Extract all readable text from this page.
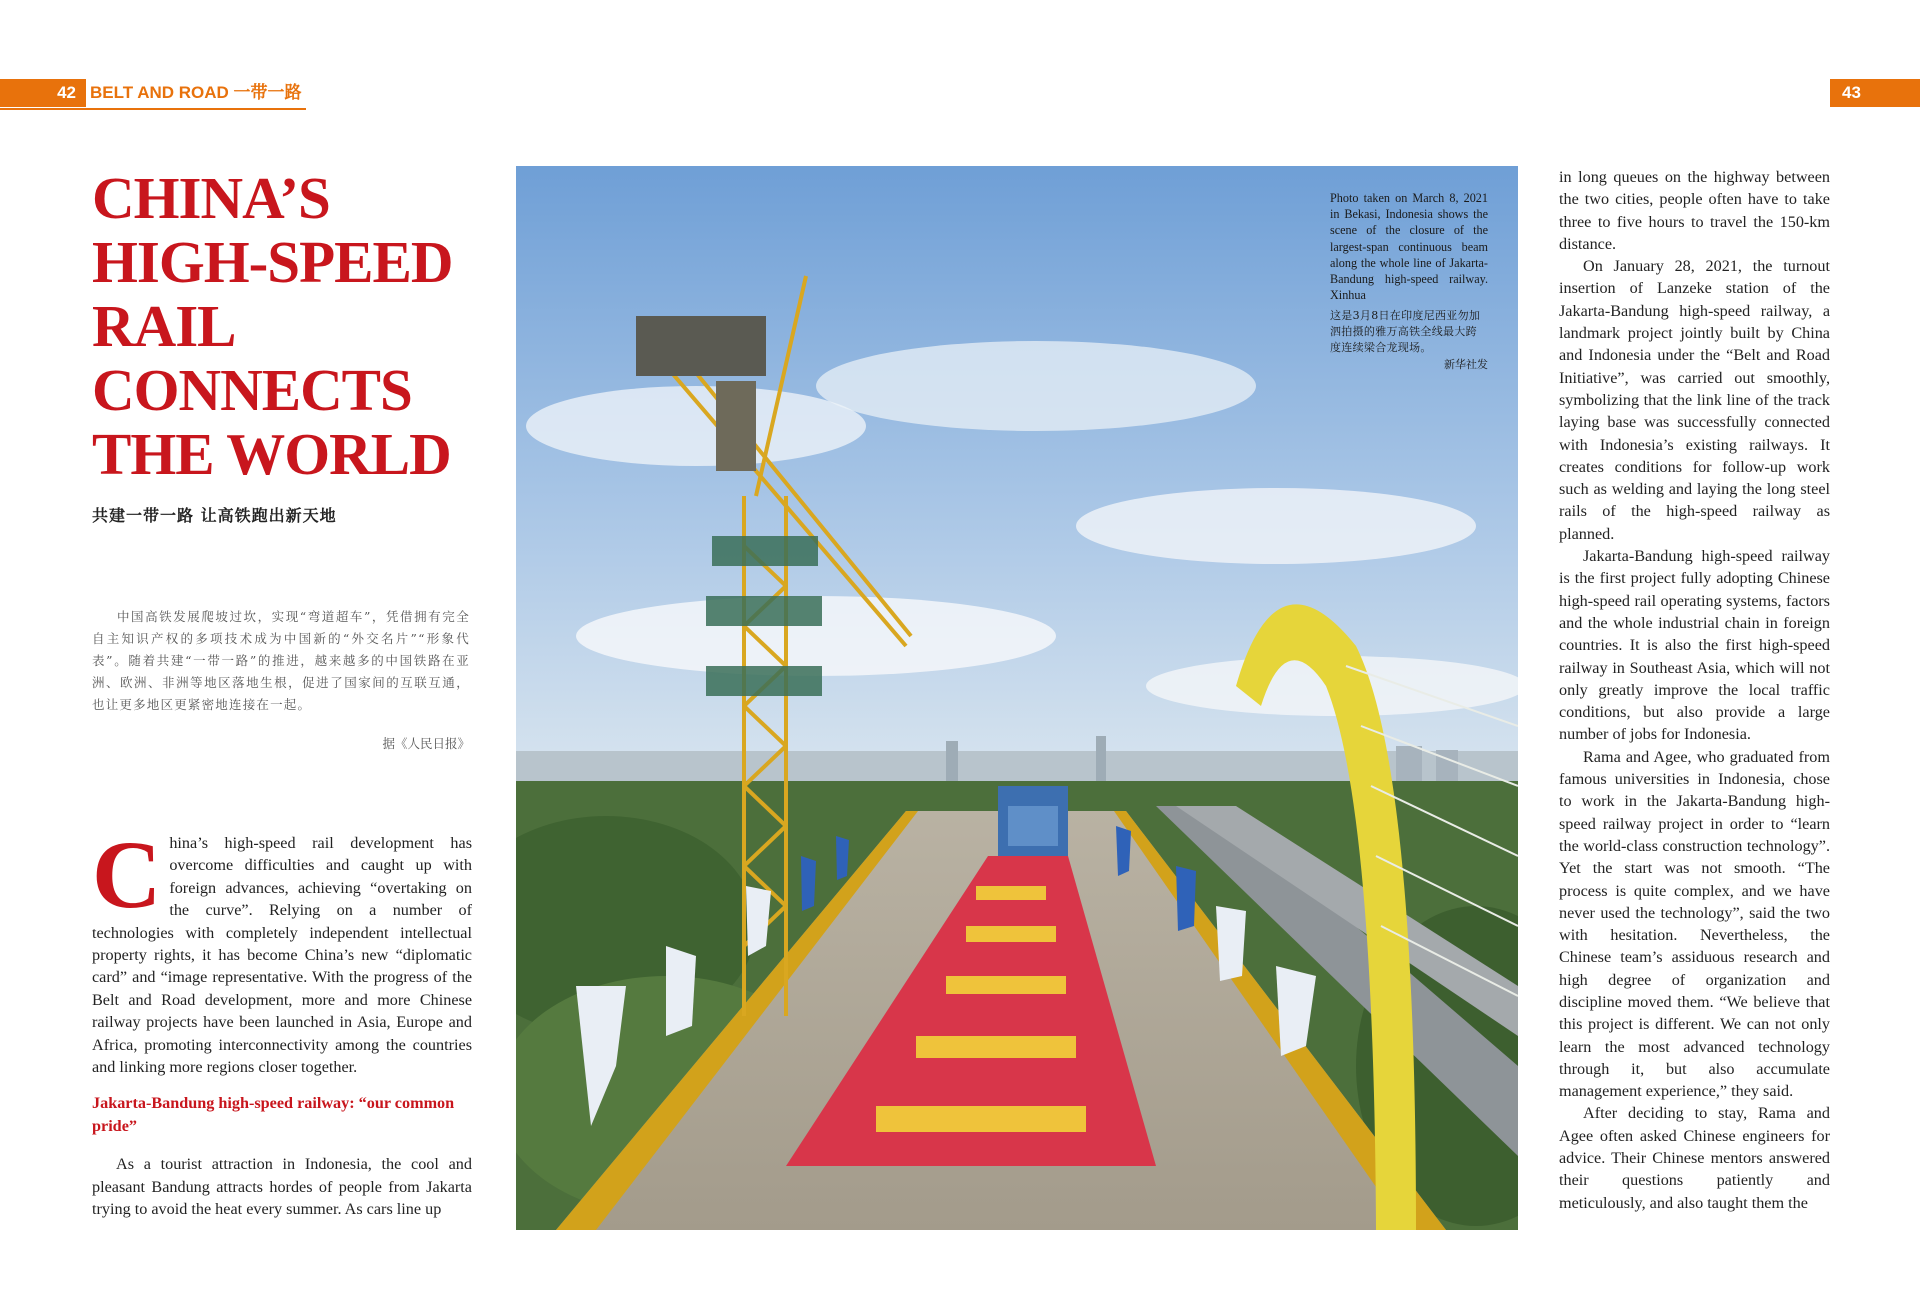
42 BELT AND ROAD 一带一路	43
CHINA’S
HIGH-SPEED
RAIL
CONNECTS
THE WORLD
共建一带一路 让高铁跑出新天地
中国高铁发展爬坡过坎，实现“弯道超车”，凭借拥有完全自主知识产权的多项技术成为中国新的“外交名片”“形象代表”。随着共建“一带一路”的推进，越来越多的中国铁路在亚洲、欧洲、非洲等地区落地生根，促进了国家间的互联互通，也让更多地区更紧密地连接在一起。
据《人民日报》

China’s high-speed rail development has overcome difficulties and caught up with foreign advances, achieving “overtaking on the curve”. Relying on a number of technologies with completely independent intellectual property rights, it has become China’s new “diplomatic card” and “image representative. With the progress of the Belt and Road development, more and more Chinese railway projects have been launched in Asia, Europe and Africa, promoting interconnectivity among the countries and linking more regions closer together.

Jakarta-Bandung high-speed railway: “our common pride”

As a tourist attraction in Indonesia, the cool and pleasant Bandung attracts hordes of people from Jakarta trying to avoid the heat every summer. As cars line up

Photo taken on March 8, 2021 in Bekasi, Indonesia shows the scene of the closure of the largest-span continuous beam along the whole line of Jakarta-Bandung high-speed railway. Xinhua
这是3月8日在印度尼西亚勿加泗拍摄的雅万高铁全线最大跨度连续梁合龙现场。
新华社发

in long queues on the highway between the two cities, people often have to take three to five hours to travel the 150-km distance.

On January 28, 2021, the turnout insertion of Lanzeke station of the Jakarta-Bandung high-speed railway, a landmark project jointly built by China and Indonesia under the “Belt and Road Initiative”, was carried out smoothly, symbolizing that the link line of the track laying base was successfully connected with Indonesia’s existing railways. It creates conditions for follow-up work such as welding and laying the long steel rails of the high-speed railway as planned.

Jakarta-Bandung high-speed railway is the first project fully adopting Chinese high-speed rail operating systems, factors and the whole industrial chain in foreign countries. It is also the first high-speed railway in Southeast Asia, which will not only greatly improve the local traffic conditions, but also provide a large number of jobs for Indonesia.

Rama and Agee, who graduated from famous universities in Indonesia, chose to work in the Jakarta-Bandung high-speed railway project in order to “learn the world-class construction technology”. Yet the start was not smooth. “The process is quite complex, and we have never used the technology”, said the two with hesitation. Nevertheless, the Chinese team’s assiduous research and high degree of organization and discipline moved them. “We believe that this project is different. We can not only learn the most advanced technology through it, but also accumulate management experience,” they said.

After deciding to stay, Rama and Agee often asked Chinese engineers for advice. Their Chinese mentors answered their questions patiently and meticulously, and also taught them the
